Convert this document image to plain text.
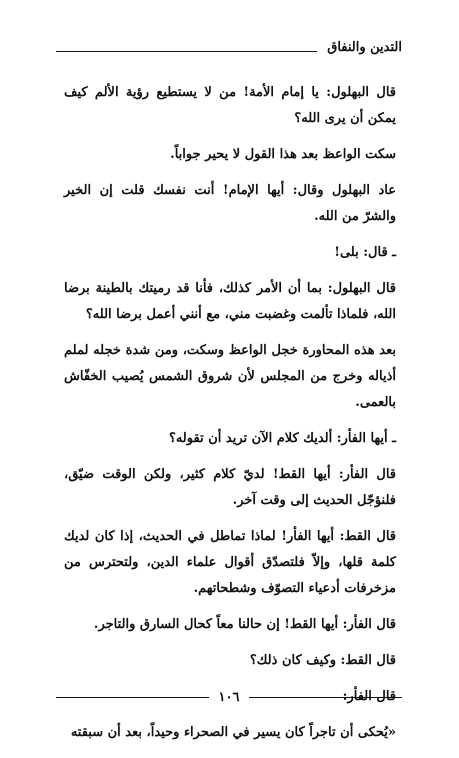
التدين والنفاق

قال البهلول: يا إمام الأمة! من لا يستطيع رؤية الألم كيف يمكن أن يرى الله؟

سكت الواعظ بعد هذا القول لا يحير جواباً.

عاد البهلول وقال: أيها الإمام! أنت نفسك قلت إن الخير والشرّ من الله.

ـ قال: بلى!

قال البهلول: بما أن الأمر كذلك، فأنا قد رميتك بالطينة برضا الله، فلماذا تألمت وغضبت مني، مع أنني أعمل برضا الله؟

بعد هذه المحاورة خجل الواعظ وسكت، ومن شدة خجله لملم أذياله وخرج من المجلس لأن شروق الشمس يُصيب الخفّاش بالعمى.

ـ أيها الفأر: ألديك كلام الآن تريد أن تقوله؟

قال الفأر: أيها القط! لديّ كلام كثير، ولكن الوقت ضيّق، فلنؤجّل الحديث إلى وقت آخر.

قال القط: أيها الفأر! لماذا تماطل في الحديث، إذا كان لديك كلمة قلها، وإلاّ فلتصدّق أقوال علماء الدين، ولتحترس من مزخرفات أدعياء التصوّف وشطحاتهم.

قال الفأر: أيها القط! إن حالنا معاً كحال السارق والتاجر.

قال القط: وكيف كان ذلك؟

قال الفأر:

«يُحكى أن تاجراً كان يسير في الصحراء وحيداً، بعد أن سبقته

١٠٦
